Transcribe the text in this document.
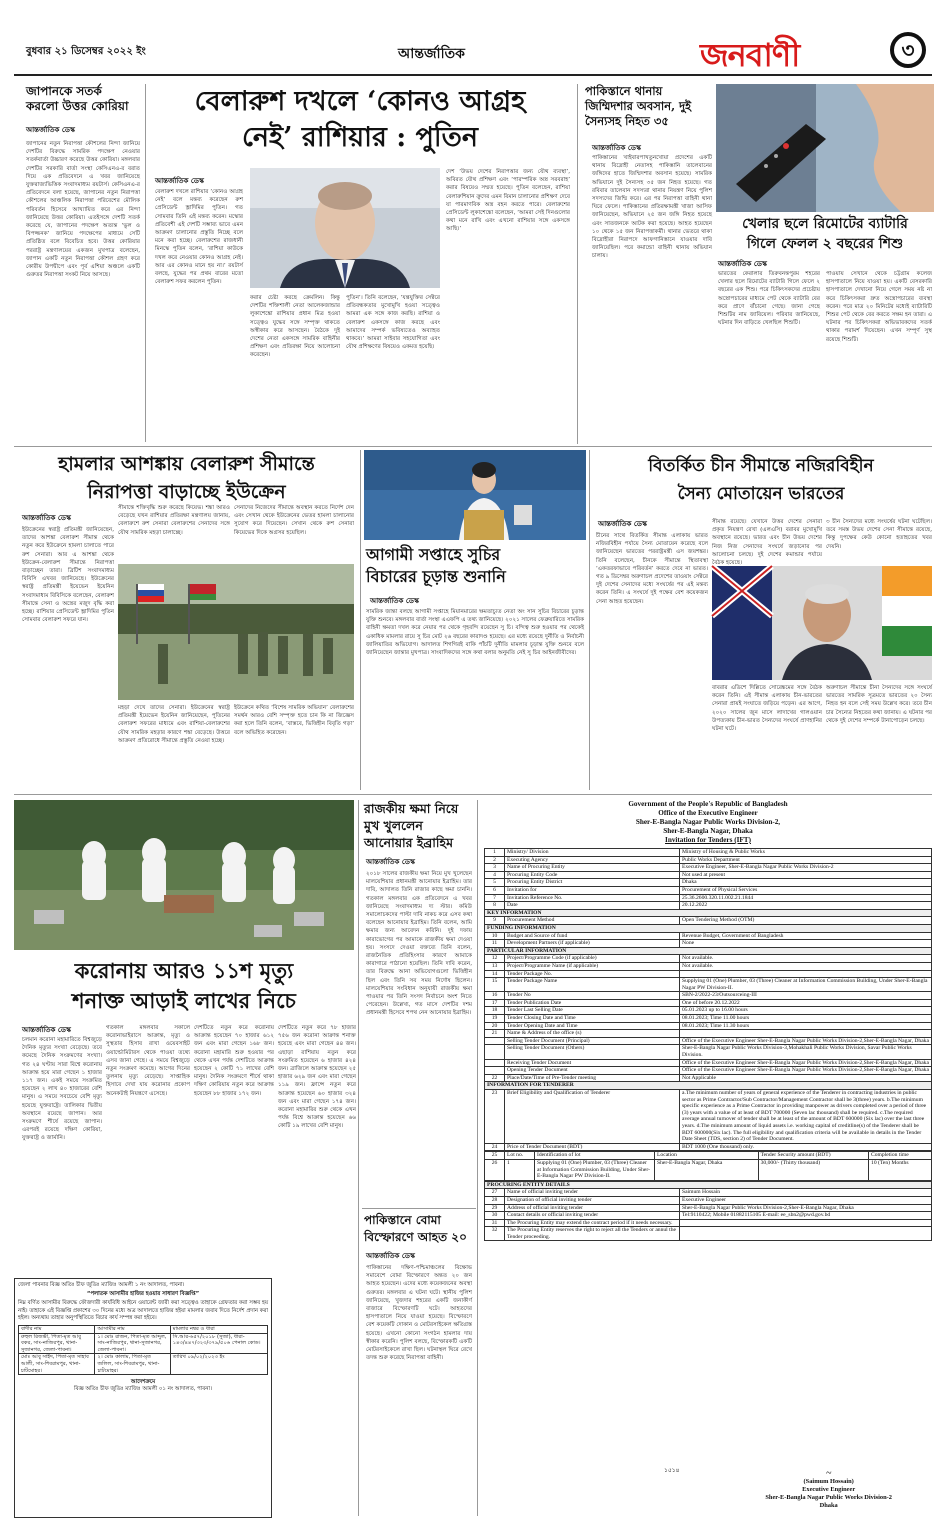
বুধবার ২১ ডিসেম্বর ২০২২ ইং	আন্তর্জাতিক	জনবাণী	৩
জাপানকে সতর্ক
করলো উত্তর কোরিয়া
আন্তর্জাতিক ডেস্ক
জাপানের নতুন নিরাপত্তা কৌশলের নিন্দা জানিয়ে দেশটির বিরুদ্ধে সামরিক পদক্ষেপ নেওয়ার সতর্কবার্তা উচ্চারণ করেছে উত্তর কোরিয়া। মঙ্গলবার দেশটির সরকারি বার্তা সংস্থা কেসিএনএ-র বরাত দিয়ে এক প্রতিবেদনে এ খবর জানিয়েছে যুক্তরাজ্যভিত্তিক সংবাদমাধ্যম রয়টার্স। কেসিএনএ-র প্রতিবেদনে বলা হয়েছে, জাপানের নতুন নিরাপত্তা কৌশলের আঞ্চলিক নিরাপত্তা পরিবেশের মৌলিক পরিবর্তন হিসেবে আখ্যায়িত করে এর নিন্দা জানিয়েছে উত্তর কোরিয়া। এতইসঙ্গে দেশটি সতর্ক করেছে যে, জাপানের পদক্ষেপ অত্যন্ত ‘ভুল ও বিপজ্জনক’ জানিয়ে পদক্ষেপের মাধ্যমে সেটি প্রতিষ্ঠিত বলে বিবেচিত হবে। উত্তর কোরিয়ার পররাষ্ট্র মন্ত্রণালয়ের একজন মুখপাত্র বলেছেন, জাপান একটি নতুন নিরাপত্তা কৌশল গ্রহণ করে কোরীয় উপদ্বীপে এবং পূর্ব এশিয়া অঞ্চলে একটি গুরুতর নিরাপত্তা সংকট নিয়ে আসছে।
বেলারুশ দখলে ‘কোনও আগ্রহ
নেই’ রাশিয়ার : পুতিন
আন্তর্জাতিক ডেস্ক
বেলারুশ দখলে রাশিয়ার ‘কোনও আগ্রহ নেই’ বলে মন্তব্য করেছেন রুশ প্রেসিডেন্ট ভ্লাদিমির পুতিন। গত সোমবার তিনি এই মন্তব্য করেন। মস্কোর প্রতিবেশী এই দেশটি সম্ভাব্য ভাবে এমন আক্রমণ চালানোর প্রস্তুতি নিচ্ছে বলে মনে করা হচ্ছে। বেলারুশের রাজধানী মিনস্কে পুতিন বলেন, ‘রাশিয়া কাউকে দখল করে নেওয়ার কোনও আগ্রহ নেই। আর এর কোনও মানে হয় না।’ রয়টার্স বলছে, যুদ্ধের পর প্রথম বারের মতো বেলারুশ সফর করলেন পুতিন।
করার চেষ্টা করছে ক্রেমলিন। কিন্তু দেশটির শক্তিশালী নেতা আলেকজান্ডার লুকাশেঙ্কো রাশিয়ার প্রধান মিত্র হওয়া সত্ত্বেও যুদ্ধের সঙ্গে সম্পৃক্ত থাকতে অস্বীকার করে আসছেন। বৈঠকে দুই দেশের নেতা একসঙ্গে সামরিক বাহিনীর প্রশিক্ষণ এবং প্রতিরক্ষা নিয়ে আলোচনা করেছেন।
পুতিন’। তিনি বলেছেন, ‘যন্ত্রযুক্তির সেক্টরে প্রতিবন্ধকতার মুখোমুখি হওয়া সত্ত্বেও আমরা এক সঙ্গে কাজ করছি। রাশিয়া ও বেলারুশ একসঙ্গে কাজ করছে এবং আমাদের সম্পর্ক ভবিষ্যতেও অব্যাহত থাকবে।’ আমরা সাইবার সহযোগিতা এবং যৌথ প্রশিক্ষণের বিষয়েও একমত হয়েছি।
দেশ ‘উভয় দেশের নিরাপত্তার জন্য যৌথ ব্যবস্থা’, অবিরত যৌথ প্রশিক্ষণ এবং ‘পারস্পরিক অস্ত্র সরবরাহ’ করার বিষয়েও সম্মত হয়েছে। পুতিন বলেছেন, রাশিয়া বেলারুশিয়ান ক্রুদের এমন বিমান চালানোর প্রশিক্ষণ দেবে যা পারমাণবিক অস্ত্র বহন করতে পারে। বেলারুশের প্রেসিডেন্ট লুকাশেঙ্কো বলেছেন, ‘আমরা সেই দিনগুলোর কথা মনে রাখি এবং এখনো রাশিয়ার সঙ্গে একসঙ্গে আছি।’
পাকিস্তানে থানায়
জিম্মিদশার অবসান, দুই
সৈন্যসহ নিহত ৩৫
আন্তর্জাতিক ডেস্ক
পাকিস্তানের খাইবারপাখতুনখোয়া প্রদেশের একটি থানায় বিদ্রোহী নেতাসহ পাকিস্তানি তালেবানের জঙ্গিদের হাতে জিম্মিদশার অবসান হয়েছে। সামরিক অভিযানে দুই সৈন্যসহ ৩৫ জন নিহত হয়েছে। গত রবিবার তালেবান সদস্যরা থানার নিয়ন্ত্রণ নিয়ে পুলিশ সদস্যদের জিম্মি করে। এর পর নিরাপত্তা বাহিনী থানা ঘিরে ফেলে। পাকিস্তানের প্রতিরক্ষামন্ত্রী খাজা আসিফ জানিয়েছেন, অভিযানে ২৫ জন জঙ্গি নিহত হয়েছে এবং সাতজনকে আটক করা হয়েছে। আহত হয়েছেন ১০ থেকে ১৫ জন নিরাপত্তাকর্মী। থানার ভেতরে থাকা বিদ্রোহীরা নিরাপদে আফগানিস্তানে যাওয়ার দাবি জানিয়েছিল। পরে কমান্ডো বাহিনী থানায় অভিযান চালায়।
খেলার ছলে রিমোটের ব্যাটারি
গিলে ফেলল ২ বছরের শিশু
আন্তর্জাতিক ডেস্ক
ভারতের কেরালার তিরুবনন্তপুরম শহরের খেলার ছলে রিমোটের ব্যাটারি গিলে ফেলে ২ বছরের এক শিশু। পরে চিকিৎসকদের প্রচেষ্টায় অস্ত্রোপচারের মাধ্যমে পেট থেকে ব্যাটারি বের করে প্রাণে বাঁচানো গেছে। জানা গেছে শিশুটির নাম জাবিয়েল। পরিবার জানিয়েছে, ঘটনার দিন বাড়িতে খেলছিল শিশুটি।
পাওয়ায় সেখানে থেকে চট্টগ্রাম কলেজ হাসপাতালে নিয়ে যাওয়া হয়। একটি বেসরকারি হাসপাতালে দেখানো নিয়ে গেলে সময় নষ্ট না করে চিকিৎসকরা দ্রুত অস্ত্রোপচারের ব্যবস্থা করেন। পরে মাত্র ২০ মিনিটের মধ্যেই ব্যাটারিটি শিশুর পেট থেকে বের করতে সক্ষম হন তারা। এ ঘটনার পর চিকিৎসকরা অভিভাবকদের সতর্ক থাকার পরামর্শ দিয়েছেন। এখন সম্পূর্ণ সুস্থ রয়েছে শিশুটি।
হামলার আশঙ্কায় বেলারুশ সীমান্তে
নিরাপত্তা বাড়াচ্ছে ইউক্রেন
আন্তর্জাতিক ডেস্ক
ইউক্রেনের স্বরাষ্ট্র প্রতিমন্ত্রী জানিয়েছেন, তাদের আশঙ্কা বেলারুশ সীমান্ত থেকে নতুন করে ইউক্রেনে হামলা চালাতে পারে রুশ সেনারা। আর এ আশঙ্কা থেকে ইউক্রেন-বেলারুশ সীমান্তে নিরাপত্তা বাড়াচ্ছেন তারা। ব্রিটিশ সংবাদমাধ্যম বিবিসি এখবর জানিয়েছে। ইউক্রেনের স্বরাষ্ট্র প্রতিমন্ত্রী ইয়েভেন ইয়েনিন সংবাদমাধ্যম বিবিসিকে বলেছেন, বেলারুশ সীমান্তে সেনা ও অস্ত্রের মজুদ বৃদ্ধি করা হচ্ছে। রাশিয়ার প্রেসিডেন্ট ভ্লাদিমির পুতিন সোমবার বেলারুশ সফরে যান।
সীমান্তে শক্তিবৃদ্ধি শুরু করেছে কিয়েভ। শঙ্কা আরও বেড়েছে যখন রাশিয়ার প্রতিরক্ষা মন্ত্রণালয় জানায়, বেলারুশে রুশ সেনারা বেলারুশের সেনাদের সঙ্গে যৌথ সামরিক মহড়া চালাচ্ছে।
সেনাদের নিজেদের সীমান্তে অবস্থান করতে নির্দেশ দেন এবং সেখান থেকে ইউক্রেনের ভেতর হামলা চালানোর সুযোগ করে দিয়েছেন। সেখান থেকে রুশ সেনারা কিয়েভের দিকে অগ্রসর হয়েছিল।
মহড়া দেখে তাদের সেনারা। ইউক্রেনের স্বরাষ্ট্র প্রতিমন্ত্রী ইয়েভেন ইয়েনিন জানিয়েছেন, পুতিনের বেলারুশ সফরের মাধ্যমে এবং রাশিয়া-বেলারুশের যৌথ সামরিক মহড়ার কারণে শঙ্কা বেড়েছে। উত্তরে আক্রমণ প্রতিরোধে সীমান্তে প্রস্তুতি নেওয়া হচ্ছে।
ইউক্রেনে কথিত ‘বিশেষ সামরিক অভিযান’ বেলারুশের সমর্থন আরও বেশি সম্পৃক্ত হতে চান কি না জিজ্ঞেস করা হলে তিনি বলেন, ‘বাস্তবে, ভিত্তিহীন বিবৃতি গড়া’ বলে অভিহিত করেছেন।
আগামী সপ্তাহে সুচির
বিচারের চূড়ান্ত শুনানি
আন্তর্জাতিক ডেস্ক
বিতর্কিত চীন সীমান্তে নজিরবিহীন
সৈন্য মোতায়েন ভারতের
আন্তর্জাতিক ডেস্ক
চীনের সাথে বিতর্কিত সীমান্ত এলাকায় ভারত নজিরবিহীন পর্যায়ে সৈন্য মোতায়েন করেছে বলে জানিয়েছেন ভারতের পররাষ্ট্রমন্ত্রী এস জয়শঙ্কর। তিনি বলেছেন, চীনকে সীমান্তে স্থিতাবস্থা ‘একতরফাভাবে পরিবর্তন’ করতে দেবে না ভারত। গত ৯ ডিসেম্বর অরুণাচল প্রদেশের তাওয়াং সেক্টরে দুই দেশের সেনাদের মধ্যে সংঘর্ষের পর এই মন্তব্য করেন তিনি। এ সংঘর্ষে দুই পক্ষের বেশ কয়েকজন সেনা আহত হয়েছেন।
সীমান্ত রয়েছে। যেখানে উত্তর দেশের সেনারা প্রকৃত নিয়ন্ত্রণ রেখা (এলএসি) বরাবর মুখোমুখি অবস্থানে রয়েছে। ভারত এবং চীন উভয় দেশের নিজ নিজ সেনাদের সংঘর্ষে জড়ানোর পর আলোচনা চলছে। দুই দেশের কমান্ডার পর্যায়ে বৈঠক হয়েছে।
৩ চীন সৈন্যদের মধ্যে সংঘর্ষের ঘটনা ঘটেছিল। তবে সমস্ত উভয় দেশের সেনা সীমান্তে রয়েছে, কিন্তু দুপক্ষের কেউ কোনো হতাহতের খবর দেয়নি।
বাবরার এডিশে দিল্লিতে সোরেঙ্কমের সঙ্গে বৈঠক করেন তিনি। এই সীমান্ত এলাকায় চীন-ভারতের সেনারা প্রায়ই সংঘাতে জড়িয়ে পড়েন। এর আগে, ২০২০ সালের জুন মাসে লাদাখের গালওয়ান উপত্যকায় চীন-ভারত সৈন্যদের সংঘর্ষে প্রাণহানির ঘটনা ঘটে।
অরুণাচল সীমান্তে চীনা সৈন্যদের সঙ্গে সংঘর্ষে ভারতের সামরিক সূত্রমতে ভারতের ২০ সৈন্য নিহত হন বলে সেই সময় উল্লেখ করে। তবে চীন চার সৈন্যের নিহতের কথা জানায়। এ ঘটনার পর থেকে দুই দেশের সম্পর্কে টানাপোড়েন চলছে।
সামরিক জান্তা বলছে আগামী সপ্তাহে মিয়ানমারের ক্ষমতাচ্যুত নেতা অং সান সুচির বিচারের চূড়ান্ত যুক্তি শুনবে। মঙ্গলবার বার্তা সংস্থা এএফপি এ তথ্য জানিয়েছে। ২০২১ সালের ফেব্রুয়ারিতে সামরিক বাহিনী ক্ষমতা দখল করে নেয়ার পর থেকে গৃহবন্দি রয়েছেন সু চি। বন্দিত্ব শুরু হওয়ার পর থেকেই একাধিক মামলার রায়ে সু চির মোট ২৬ বছরের কারাদণ্ড হয়েছে। এর মধ্যে রয়েছে দুর্নীতি ও নির্বাচনী জালিয়াতির অভিযোগ। আদালত শিগগিরই বাকি পাঁচটি দুর্নীতি মামলার চূড়ান্ত যুক্তি শুনবে বলে জানিয়েছেন জান্তার মুখপাত্র। সাংবাদিকদের সঙ্গে কথা বলার অনুমতি নেই সু চির আইনজীবীদের।
করোনায় আরও ১১শ মৃত্যু
শনাক্ত আড়াই লাখের নিচে
আন্তর্জাতিক ডেস্ক
চলমান করোনা মহামারিতে বিশ্বজুড়ে দৈনিক মৃত্যুর সংখ্যা বেড়েছে। তবে কমেছে দৈনিক সংক্রমণের সংখ্যা। গত ২৪ ঘণ্টায় সারা বিশ্বে করোনায় আক্রান্ত হয়ে মারা গেছেন ১ হাজার ১১৭ জন। একই সময়ে সংক্রমিত হয়েছেন ২ লাখ ৪০ হাজারের বেশি মানুষ। এ সময়ে সবচেয়ে বেশি মৃত্যু হয়েছে যুক্তরাষ্ট্রে। তালিকার দ্বিতীয় অবস্থানে রয়েছে জাপান। আর সংক্রমণে শীর্ষে রয়েছে জাপান। এরপরই রয়েছে দক্ষিণ কোরিয়া, যুক্তরাষ্ট্র ও জার্মানি।
গতকাল মঙ্গলবার সকালে করোনাভাইরাসে আক্রান্ত, মৃত্যু ও সুস্থতার হিসাব রাখা ওয়েবসাইট ওয়ার্ল্ডোমিটারস থেকে পাওয়া তথ্যে এসব জানা গেছে। এ সময়ে বিশ্বজুড়ে নতুন সংক্রমণ কমেছে। আগের দিনের তুলনায় মৃত্যু বেড়েছে। সাপ্তাহিক হিসাবে দেখা যায় করোনার প্রকোপ অনেকটাই নিয়ন্ত্রণে এসেছে।
দেশটিতে নতুন করে করোনায় আক্রান্ত হয়েছেন ৭০ হাজার ৬১২ জন এবং মারা গেছেন ১৬৮ জন। করোনা মহামারি শুরু হওয়ার পর থেকে এখন পর্যন্ত দেশটিতে আক্রান্ত হয়েছেন ২ কোটি ৭১ লাখের বেশি মানুষ। দৈনিক সংক্রমণে শীর্ষে থাকা দক্ষিণ কোরিয়ায় নতুন করে আক্রান্ত হয়েছেন ৮৮ হাজার ১৭২ জন।
দেশটিতে নতুন করে ৭৮ হাজার ৭৫৬ জন করোনা আক্রান্ত শনাক্ত হয়েছে এবং মারা গেছেন ৪৪ জন। এছাড়া রাশিয়ায় নতুন করে সংক্রমিত হয়েছেন ৬ হাজার ৪২৪ জন। ব্রাজিলে আক্রান্ত হয়েছেন ২৫ হাজার ৬২৯ জন এবং মারা গেছেন ১১৯ জন। ফ্রান্সে নতুন করে আক্রান্ত হয়েছেন ৬০ হাজার ৩২৪ জন এবং মারা গেছেন ১৭৪ জন। করোনা মহামারির শুরু থেকে এখন পর্যন্ত বিশ্বে আক্রান্ত হয়েছেন ৬৬ কোটি ১৯ লাখের বেশি মানুষ।
জেলা পাবনার বিজ্ঞ অতিঃ চীফ জুডিঃ ম্যাজিঃ আমলী ১ নং আদালত, পাবনা।
“পলাতক আসামীর হাজির হওয়ার সাধারণ বিজ্ঞপ্তি”
নিম্ন বর্ণিত আসামীর বিরুদ্ধে ফৌজদারী কার্যবিধি আইনে ওয়ারেন্ট জারী করা সত্ত্বেও তাহাকে গ্রেফতার করা সম্ভব হয় নাই। তাহাকে এই বিজ্ঞপ্তি প্রকাশের ৩০ দিনের মধ্যে অত্র আদালতে হাজির হইয়া মামলার জবাব দিতে নির্দেশ প্রদান করা হইল। অন্যথায় তাহার অনুপস্থিতিতে বিচার কার্য সম্পন্ন করা হইবে।
বাদীর নাম	আসামীর নাম	মামলার নম্বর ও ধারা
রুহুল রিজভী, পিতা-মৃত আবু বকর, সাং-নাজিরপুর, থানা-সুজানগর, জেলা-পাবনা।	১। মোঃ রাজন, পিতা-মৃত আব্দুল, সাং-নাজিরপুর, থানা-সুজানগর, জেলা-পাবনা।	সি.আর-৬৫৭/২০১৮ (সুজা), ধারা- ১৪৩/৪৪৭/৩২৩/৩৭৯/৫০৬ পেনাল কোড।
মোঃ আবু সাইদ, পিতা-মৃত সাহাব আলী, সাং-শিবরামপুর, থানা-চাটমোহর।	২। মোঃ কালাম, পিতা-মৃত জলিল, সাং-শিবরামপুর, থানা-চাটমোহর।	তারিখ ০৯/০২/২০২৩ ইং
আদেশক্রমে
বিজ্ঞ অতিঃ চীফ জুডিঃ ম্যাজিঃ আমলী ০১ নং আদালত, পাবনা।
রাজকীয় ক্ষমা নিয়ে
মুখ খুললেন
আনোয়ার ইব্রাহিম
আন্তর্জাতিক ডেস্ক
২০১৮ সালের রাজকীয় ক্ষমা নিয়ে মুখ খুলেছেন মালয়েশিয়ার প্রধানমন্ত্রী আনোয়ার ইব্রাহিম। তার দাবি, আদালত তিনি রাজার কাছে ক্ষমা চাননি। গতকাল মঙ্গলবার এক প্রতিবেদনে এ খবর জানিয়েছে সংবাদমাধ্যম দ্য স্টার। কমিউ সমালোচকদের পাল্টা দাবি নাকচ করে এসব কথা বলেছেন আনোয়ার ইব্রাহিম। তিনি বলেন, আমি ক্ষমার জন্য আবেদন করিনি। দুই দফায় কারাভোগের পর আমাকে রাজকীয় ক্ষমা দেওয়া হয়। সংসদে দেওয়া বক্তব্যে তিনি বলেন, রাজনৈতিক প্রতিহিংসার কারণে আমাকে কারাগারে পাঠানো হয়েছিল। তিনি দাবি করেন, তার বিরুদ্ধে আনা অভিযোগগুলো ভিত্তিহীন ছিল এবং তিনি সব সময় নির্দোষ ছিলেন। মালয়েশিয়ার সংবিধান অনুযায়ী রাজকীয় ক্ষমা পাওয়ার পর তিনি সংসদ নির্বাচনে অংশ নিতে পেরেছেন। উল্লেখ্য, গত মাসে দেশটির দশম প্রধানমন্ত্রী হিসেবে শপথ নেন আনোয়ার ইব্রাহিম।
পাকিস্তানে বোমা
বিস্ফোরণে আহত ২০
আন্তর্জাতিক ডেস্ক
পাকিস্তানের দক্ষিণ-পশ্চিমাঞ্চলের বিক্ষোভ সমাবেশে বোমা বিস্ফোরণে অন্তত ২০ জন আহত হয়েছেন। এদের মধ্যে কয়েকজনের অবস্থা গুরুতর। মঙ্গলবার এ ঘটনা ঘটে। স্থানীয় পুলিশ জানিয়েছে, খুজদার শহরের একটি জনাকীর্ণ বাজারে বিস্ফোরণটি ঘটে। আহতদের হাসপাতালে নিয়ে যাওয়া হয়েছে। বিস্ফোরণে বেশ কয়েকটি দোকান ও মোটরসাইকেল ক্ষতিগ্রস্ত হয়েছে। এখনো কোনো সংগঠন হামলার দায় স্বীকার করেনি। পুলিশ বলছে, বিস্ফোরকটি একটি মোটরসাইকেলে রাখা ছিল। ঘটনাস্থল ঘিরে রেখে তদন্ত শুরু করেছে নিরাপত্তা বাহিনী।
Government of the People's Republic of Bangladesh
Office of the Executive Engineer
Sher-E-Bangla Nagar Public Works Division-2,
Sher-E-Bangla Nagar, Dhaka
Invitation for Tenders (IFT)
1	Ministry/ Division	Ministry of Housing & Public Works
2	Executing Agency	Public Works Department
3	Name of Procuring Entity	Executive Engineer, Sher-E-Bangla Nagar Public Works Division-2
4	Procuring Entity Code	Not used at present
5	Procuring Entity District	Dhaka
6	Invitation for	Procurement of Physical Services
7	Invitation Reference No.	25.36.2600.320.11.002.21.1844
8	Date	20.12.2022
KEY INFORMATION		
9	Procurement Method	Open Tendering Method (OTM)
FUNDING INFORMATION		
10	Budget and Source of fund	Revenue Budget, Government of Bangladesh
11	Development Partners (if applicable)	None
PARTICULAR INFORMATION		
12	Project/Programme Code (if applicable)	Not available.
13	Project/Programme Name (if applicable)	Not available.
14	Tender Package No.	
15	Tender Package Name	Supplying 01 (One) Plumber, 03 (Three) Cleaner at Information Commission Building, Under Sher-E-Bangla Nagar PW Division-II.
16	Tender No	SBN-2/2022-23/Outsourceing-III
17	Tender Publication Date	One of before 20.12.2022
18	Tender Last Selling Date	05.01.2023 up to 16.00 hours
19	Tender Closing Date and Time	08.01.2023; Time 11.00 hours
20	Tender Opening Date and Time	08.01.2023; Time 11.30 hours
21	Name & Address of the office (s)	
	Selling Tender Document (Principal)	Office of the Executive Engineer Sher-E-Bangla Nagar Public Works Division-2,Sher-E-Bangla Nagar, Dhaka
	Selling Tender Document (Others)	Sher-E-Bangla Nagar Public Works Division-3,Mohakhali Public Works Division, Savar Public Works Division.
	Receiving Tender Document	Office of the Executive Engineer Sher-E-Bangla Nagar Public Works Division-2,Sher-E-Bangla Nagar, Dhaka
	Opening Tender Document	Office of the Executive Engineer Sher-E-Bangla Nagar Public Works Division-2,Sher-E-Bangla Nagar, Dhaka
22	Place/Date/Time of Pre-Tender meeting	Not Applicable
INFORMATION FOR TENDERER		
23	Brief Eligibility and Qualification of Tenderer	a.The minimum number of years of general experience of the Tenderer in contracting industries in public sector as Prime Contractor/Sub Contractor/Management Contractor shall be 3(three) years. b.The minimum specific experience as a Prime Contractor in providing manpower as drivers completed over a period of three (3) years with a value of at least of BDT 700000 (Seven lac thousand) shall be required. c.The required average annual turnover of tender shall be at least of the amount of BDT 600000 (Six lac) over the last three years. d.The minimum amount of liquid assets i.e. working capital of creditline(s) of the Tenderer shall be BDT 600000(Six lac). The full eligibility and qualification criteria will be available in details in the Tender Date Sheet (TDS, section 2) of Tender Document.
24	Price of Tender Document (BDT)	BDT 1000 (One thousand) only.
25	Lot no.	Identification of lot	Location	Tender Security amount (BDT)	Completion time
26	1	Supplying 01 (One) Plumber, 03 (Three) Cleaner at Information Commission Building, Under Sher-E-Bangla Nagar PW Division-II.	Sher-E-Bangla Nagar, Dhaka	30,000/- (Thirty thousand)	10 (Ten) Months
PROCURING ENTITY DETAILS		
27	Name of official inviting tender	Saimum Hossain
28	Designation of official inviting tender	Executive Engineer
29	Address of official inviting tender	Sher-E-Bangla Nagar Public Works Division-2,Sher-E-Bangla Nagar, Dhaka
30	Contact details or official inviting tender	Tel:9110422; Mobile 01882115105 E-mail: ee_sbn2@pwd.gov.bd
31	The Procuring Entity may extend the contract period if it needs necessary.	
32	The Procuring Entity reserves the right to reject all the Tenders or annul the Tender proceeding.	
~
(Saimum Hossain)
Executive Engineer
Sher-E-Bangla Nagar Public Works Division-2
Dhaka
১৫১৪
